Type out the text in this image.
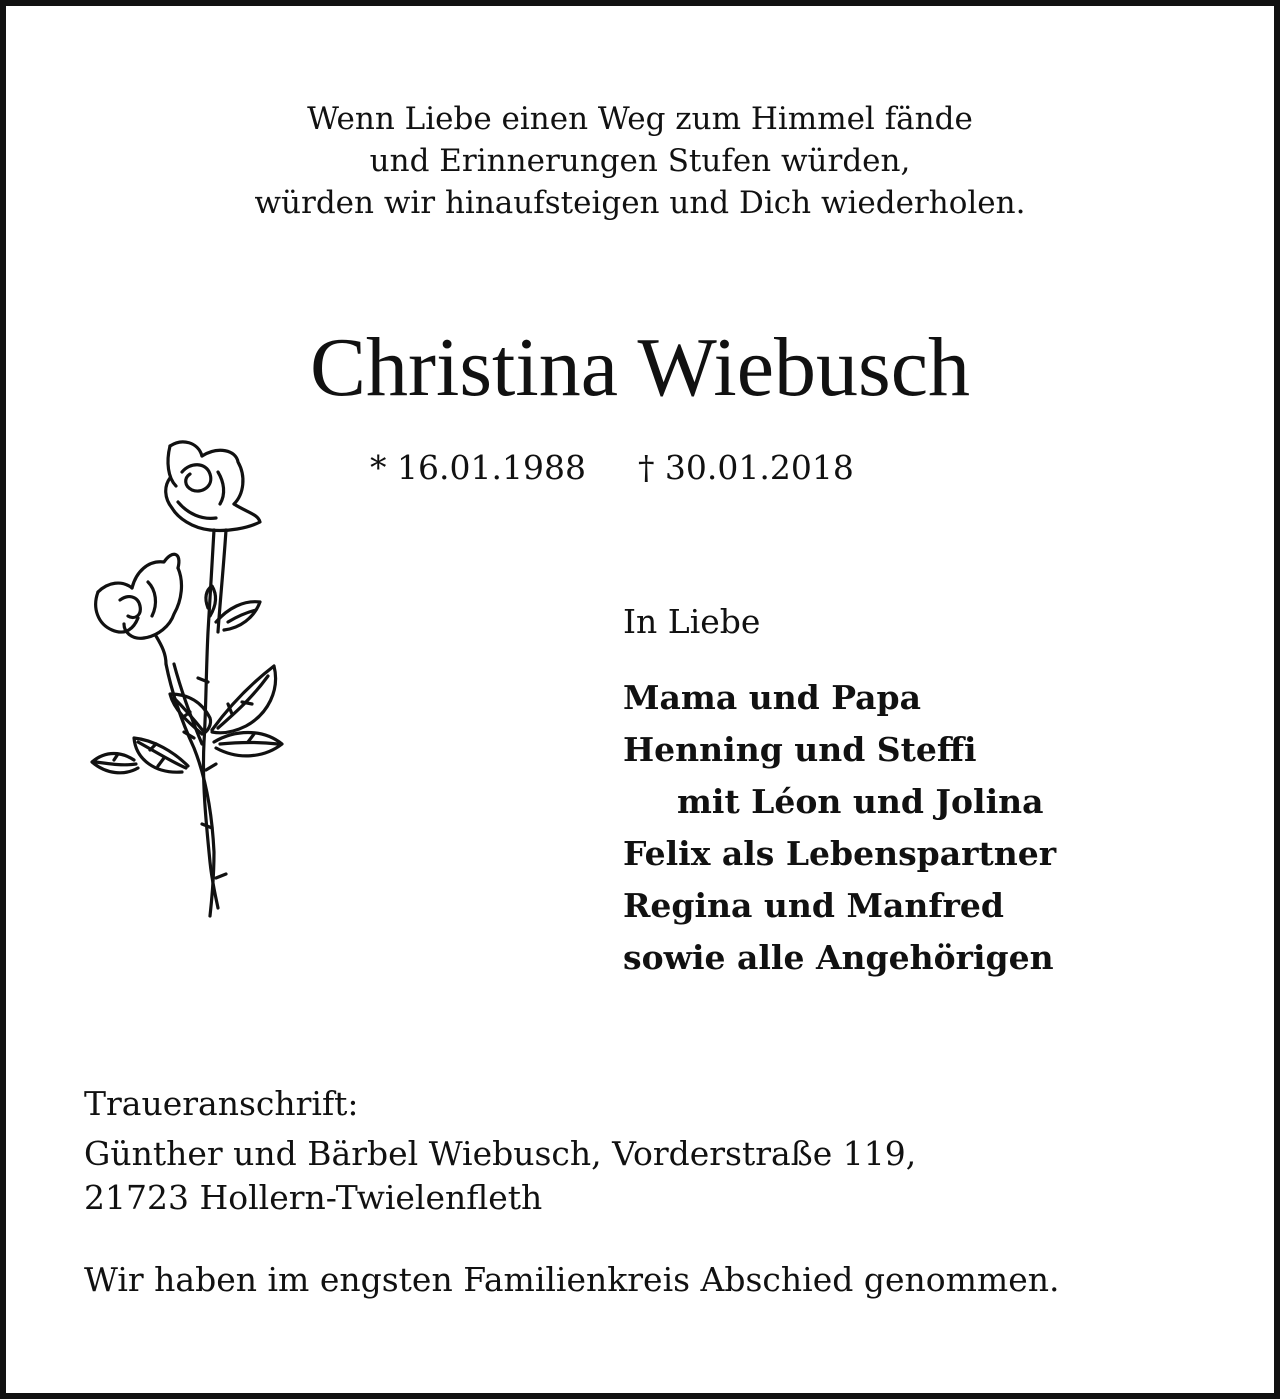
Wenn Liebe einen Weg zum Himmel fände
und Erinnerungen Stufen würden,
würden wir hinaufsteigen und Dich wiederholen.
Christina Wiebusch
* 16.01.1988 † 30.01.2018
In Liebe
Mama und Papa
Henning und Steffi
mit Léon und Jolina
Felix als Lebenspartner
Regina und Manfred
sowie alle Angehörigen
Traueranschrift:
Günther und Bärbel Wiebusch, Vorderstraße 119,
21723 Hollern-Twielenfleth
Wir haben im engsten Familienkreis Abschied genommen.
